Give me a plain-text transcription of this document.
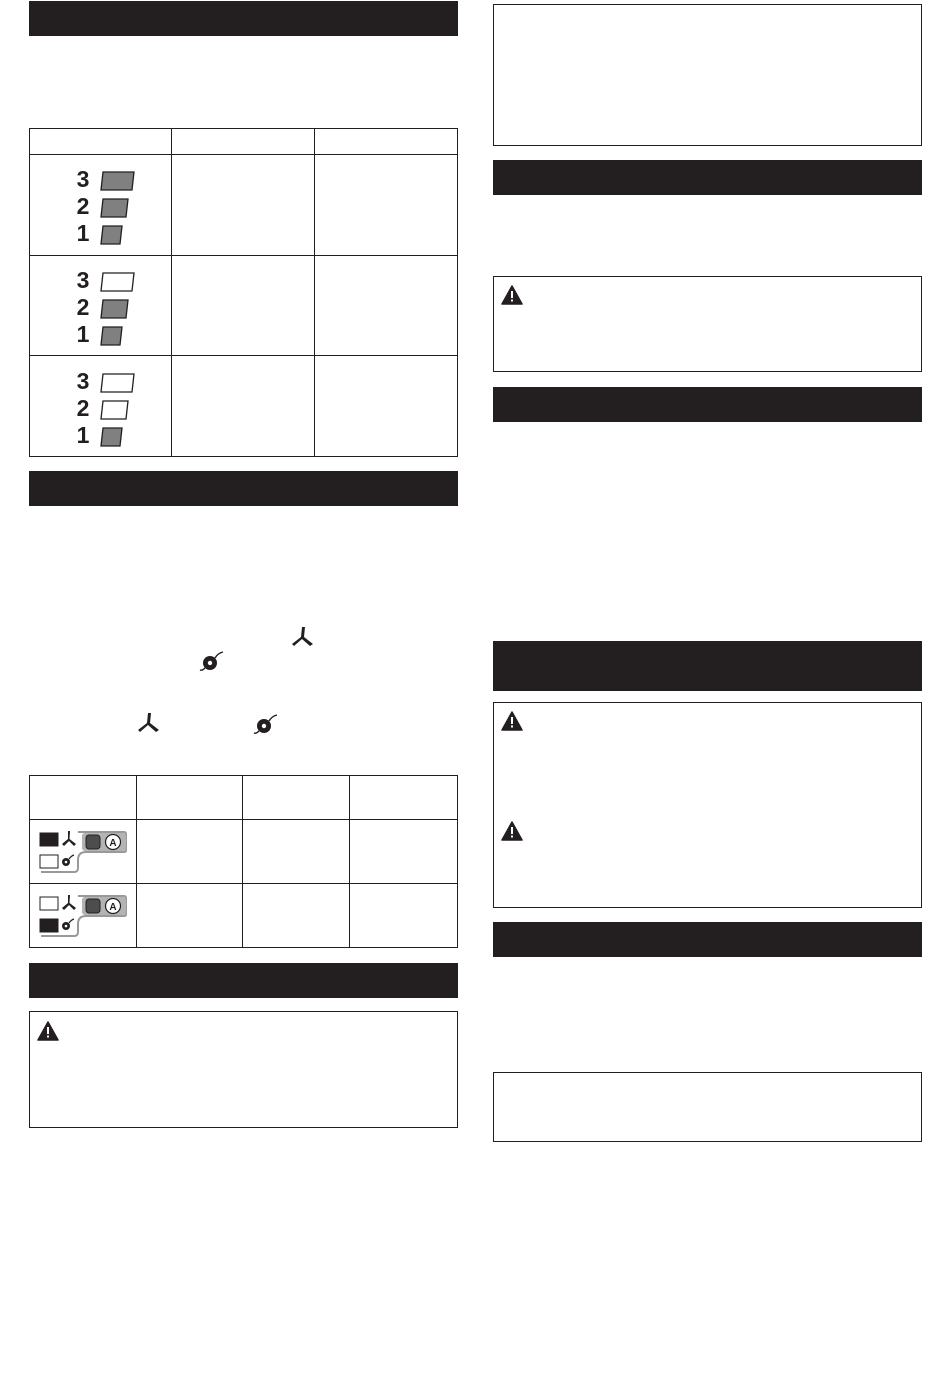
3
2
1
3
2
1
3
2
1
A
A
